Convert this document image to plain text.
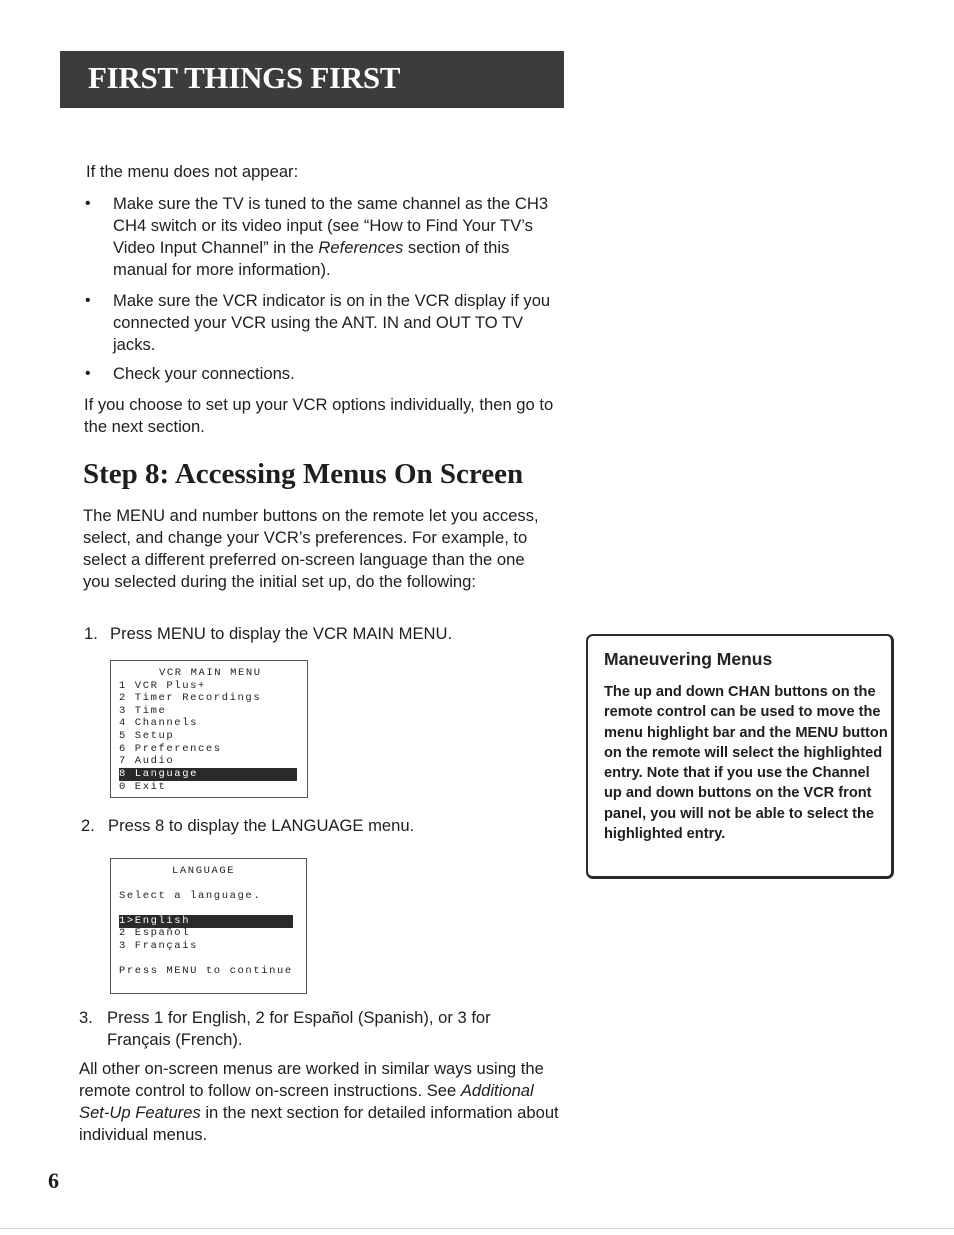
FIRST THINGS FIRST

If the menu does not appear:

• Make sure the TV is tuned to the same channel as the CH3 CH4 switch or its video input (see “How to Find Your TV’s Video Input Channel” in the References section of this manual for more information).

• Make sure the VCR indicator is on in the VCR display if you connected your VCR using the ANT. IN and OUT TO TV jacks.

• Check your connections.

If you choose to set up your VCR options individually, then go to the next section.

Step 8: Accessing Menus On Screen

The MENU and number buttons on the remote let you access, select, and change your VCR’s preferences. For example, to select a different preferred on-screen language than the one you selected during the initial set up, do the following:

1. Press MENU to display the VCR MAIN MENU.

VCR MAIN MENU
1 VCR Plus+
2 Timer Recordings
3 Time
4 Channels
5 Setup
6 Preferences
7 Audio
8 Language
0 Exit
2. Press 8 to display the LANGUAGE menu.

LANGUAGE
Select a language.
1>English
2 Español
3 Français
Press MENU to continue
3. Press 1 for English, 2 for Español (Spanish), or 3 for Français (French).

All other on-screen menus are worked in similar ways using the remote control to follow on-screen instructions. See Additional Set-Up Features in the next section for detailed information about individual menus.

Maneuvering Menus

The up and down CHAN buttons on the remote control can be used to move the menu highlight bar and the MENU button on the remote will select the highlighted entry. Note that if you use the Channel up and down buttons on the VCR front panel, you will not be able to select the highlighted entry.

6
